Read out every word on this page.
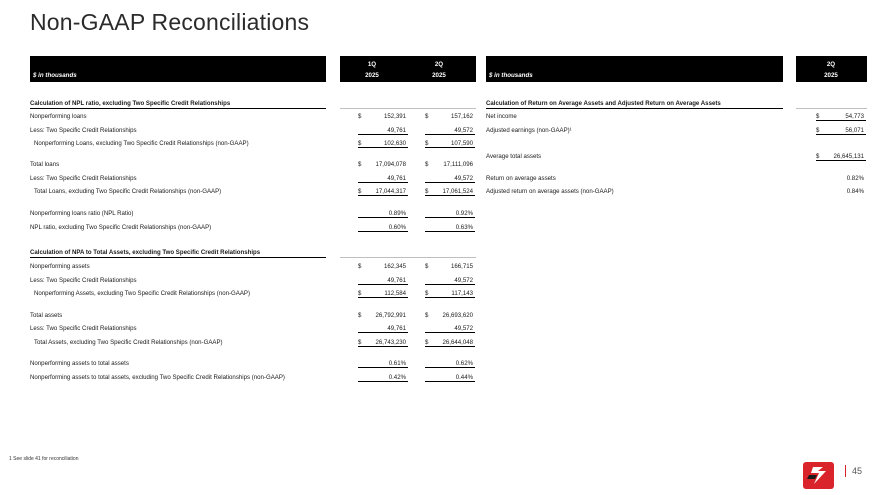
Non-GAAP Reconciliations
$ in thousands
1Q
2025
2Q
2025
Calculation of NPL ratio, excluding Two Specific Credit Relationships
Nonperforming loans	$	152,391	$	157,162
Less: Two Specific Credit Relationships	49,761	49,572
Nonperforming Loans, excluding Two Specific Credit Relationships (non-GAAP)	$	102,630	$	107,590
Total loans	$ 17,094,078	$ 17,111,096
Less: Two Specific Credit Relationships	49,761	49,572
Total Loans, excluding Two Specific Credit Relationships (non-GAAP)	$ 17,044,317	$ 17,061,524
Nonperforming loans ratio (NPL Ratio)	0.89%	0.92%
NPL ratio, excluding Two Specific Credit Relationships (non-GAAP)	0.60%	0.63%
Calculation of NPA to Total Assets, excluding Two Specific Credit Relationships
Nonperforming assets	$	162,345	$	166,715
Less: Two Specific Credit Relationships	49,761	49,572
Nonperforming Assets, excluding Two Specific Credit Relationships (non-GAAP)	$	112,584	$	117,143
Total assets	$ 26,792,991	$ 26,693,620
Less: Two Specific Credit Relationships	49,761	49,572
Total Assets, excluding Two Specific Credit Relationships (non-GAAP)	$ 26,743,230	$ 26,644,048
Nonperforming assets to total assets	0.61%	0.62%
Nonperforming assets to total assets, excluding Two Specific Credit Relationships (non-GAAP)	0.42%	0.44%
$ in thousands
2Q
2025
Calculation of Return on Average Assets and Adjusted Return on Average Assets
Net income	$	54,773
Adjusted earnings (non-GAAP)¹	$	56,071
Average total assets	$ 26,645,131
Return on average assets	0.82%
Adjusted return on average assets (non-GAAP)	0.84%
1 See slide 41 for reconciliation
45
